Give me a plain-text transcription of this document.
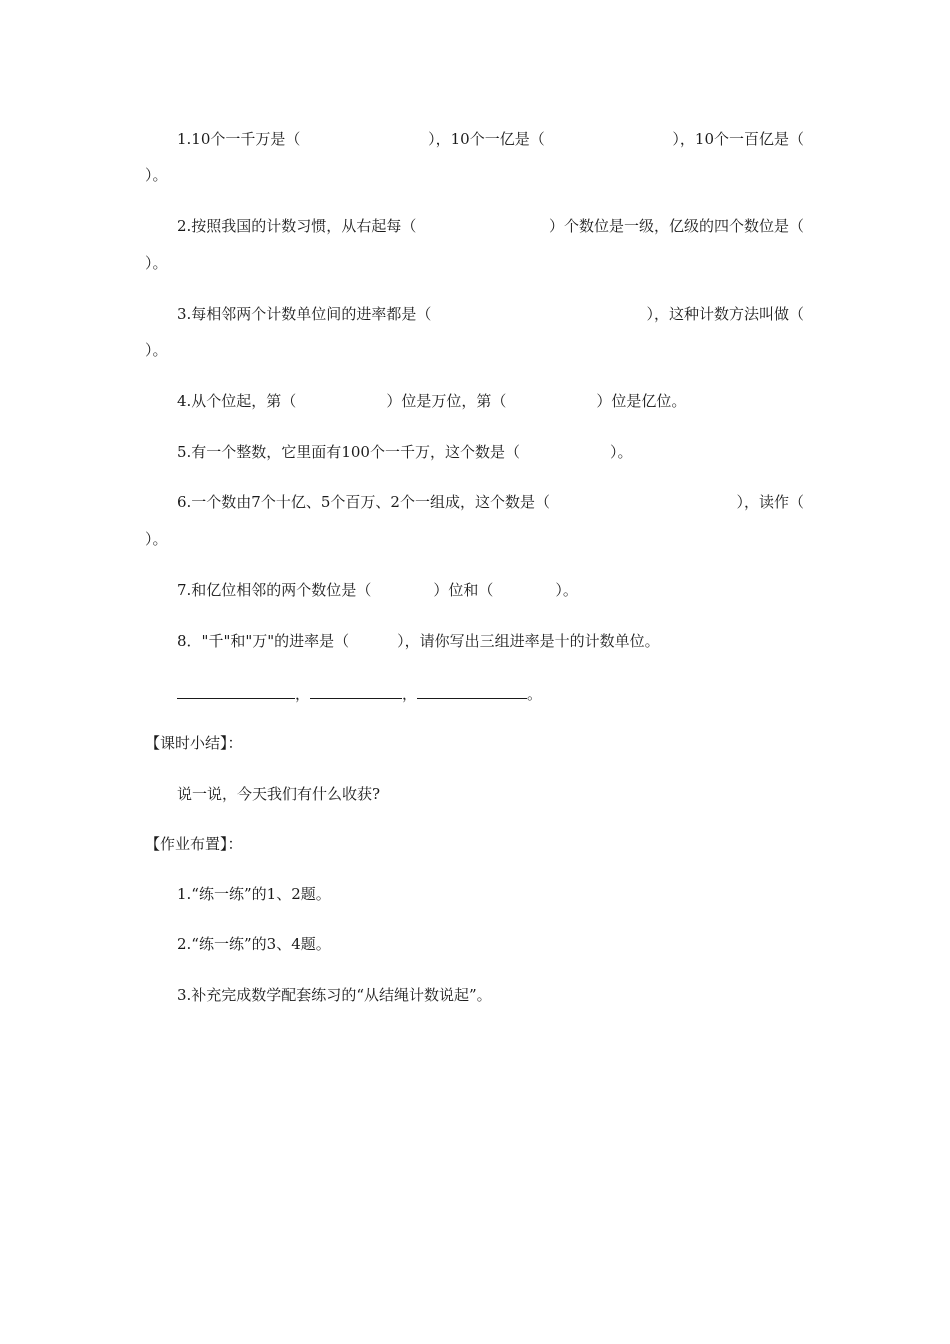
1.10个一千万是（	），10个一亿是（	），10个一百亿是（
）。
2.按照我国的计数习惯，从右起每（	）个数位是一级，亿级的四个数位是（
）。
3.每相邻两个计数单位间的进率都是（	），这种计数方法叫做（
）。
4.从个位起，第（	）位是万位，第（	）位是亿位。
5.有一个整数，它里面有100个一千万，这个数是（	）。
6.一个数由7个十亿、5个百万、2个一组成，这个数是（	），读作（
）。
7.和亿位相邻的两个数位是（	）位和（	）。
8．"千"和"万"的进率是（	），请你写出三组进率是十的计数单位。
，	，	。
【课时小结】：
说一说，今天我们有什么收获?
【作业布置】：
1.“练一练”的1、2题。
2.“练一练”的3、4题。
3.补充完成数学配套练习的“从结绳计数说起”。
